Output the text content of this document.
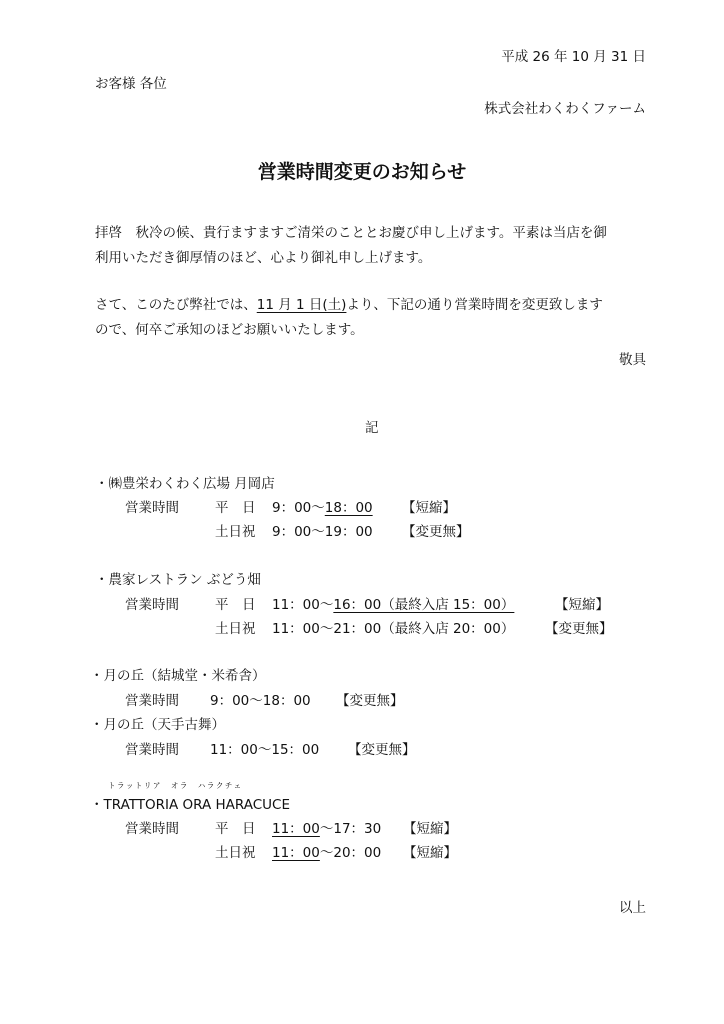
平成 26 年 10 月 31 日
お客様 各位
株式会社わくわくファーム
営業時間変更のお知らせ
拝啓　秋冷の候、貴行ますますご清栄のこととお慶び申し上げます。平素は当店を御
利用いただき御厚情のほど、心より御礼申し上げます。
さて、このたび弊社では、11 月 1 日(土)より、下記の通り営業時間を変更致します
ので、何卒ご承知のほどお願いいたします。
敬具
記
・㈱豊栄わくわく広場 月岡店
営業時間	平　日 9：00〜18：00 【短縮】
土日祝 9：00〜19：00 【変更無】
・農家レストラン ぶどう畑
営業時間	平　日 11：00〜16：00（最終入店 15：00）	【短縮】
土日祝 11：00〜21：00（最終入店 20：00） 【変更無】
・月の丘（結城堂・米希舎）
営業時間 9：00〜18：00 【変更無】
・月の丘（天手古舞）
営業時間 11：00〜15：00 【変更無】
トラットリア　オラ　ハラクチェ
・TRATTORIA ORA HARACUCE
営業時間	平　日 11：00〜17：30 【短縮】
土日祝 11：00〜20：00 【短縮】
以上
